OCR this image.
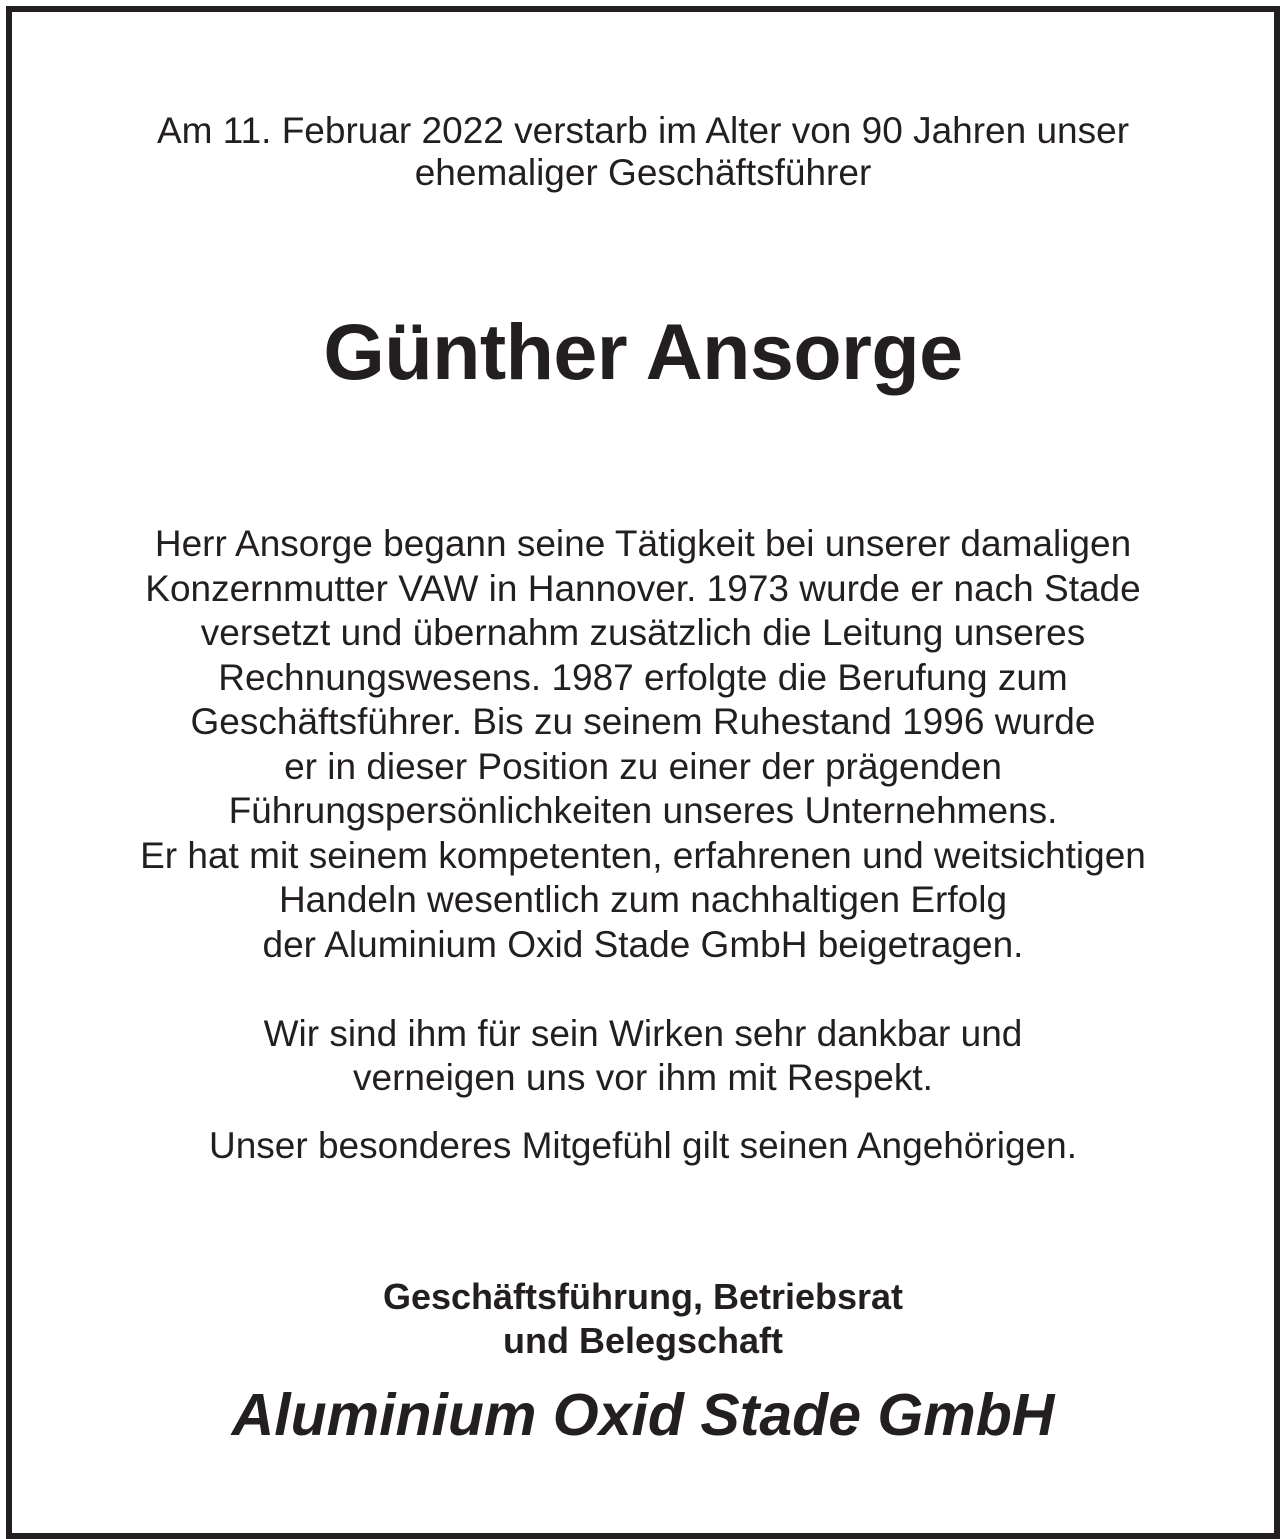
Am 11. Februar 2022 verstarb im Alter von 90 Jahren unser
ehemaliger Geschäftsführer

Günther Ansorge

Herr Ansorge begann seine Tätigkeit bei unserer damaligen
Konzernmutter VAW in Hannover. 1973 wurde er nach Stade
versetzt und übernahm zusätzlich die Leitung unseres
Rechnungswesens. 1987 erfolgte die Berufung zum
Geschäftsführer. Bis zu seinem Ruhestand 1996 wurde
er in dieser Position zu einer der prägenden
Führungspersönlichkeiten unseres Unternehmens.
Er hat mit seinem kompetenten, erfahrenen und weitsichtigen
Handeln wesentlich zum nachhaltigen Erfolg
der Aluminium Oxid Stade GmbH beigetragen.

Wir sind ihm für sein Wirken sehr dankbar und
verneigen uns vor ihm mit Respekt.

Unser besonderes Mitgefühl gilt seinen Angehörigen.

Geschäftsführung, Betriebsrat
und Belegschaft

Aluminium Oxid Stade GmbH
